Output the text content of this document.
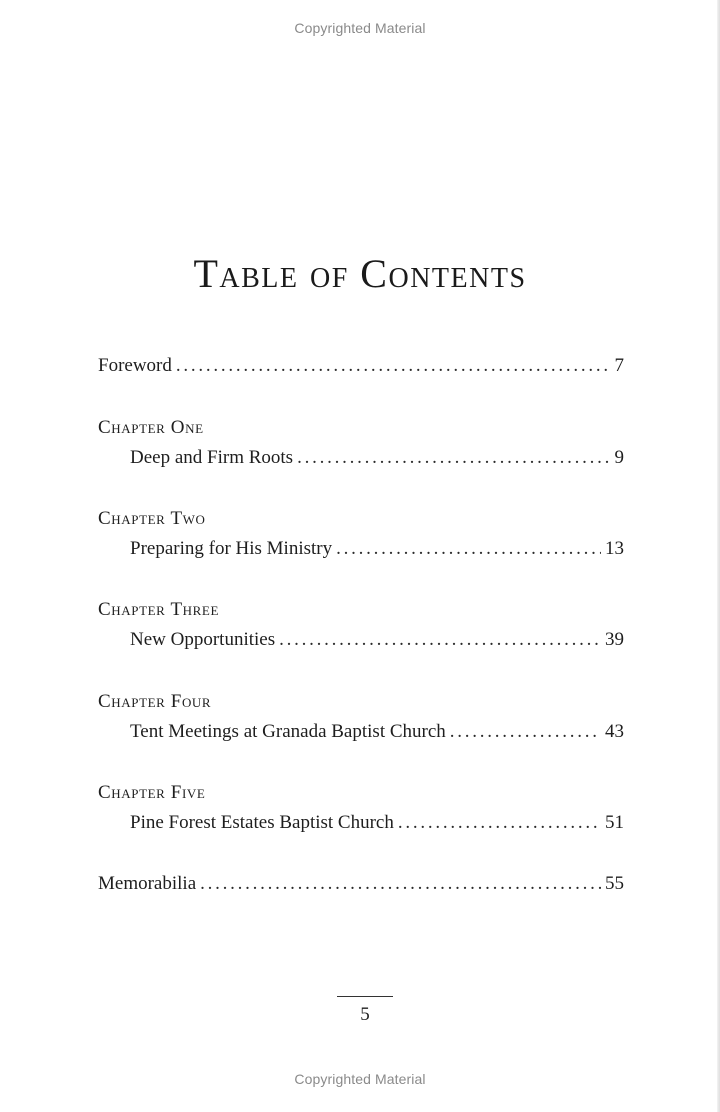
Copyrighted Material
Table of Contents
Foreword . . .	7
Chapter One
Deep and Firm Roots . . .	9
Chapter Two
Preparing for His Ministry . . .	13
Chapter Three
New Opportunities . . .	39
Chapter Four
Tent Meetings at Granada Baptist Church . . .	43
Chapter Five
Pine Forest Estates Baptist Church . . .	51
Memorabilia . . .	55
5
Copyrighted Material
